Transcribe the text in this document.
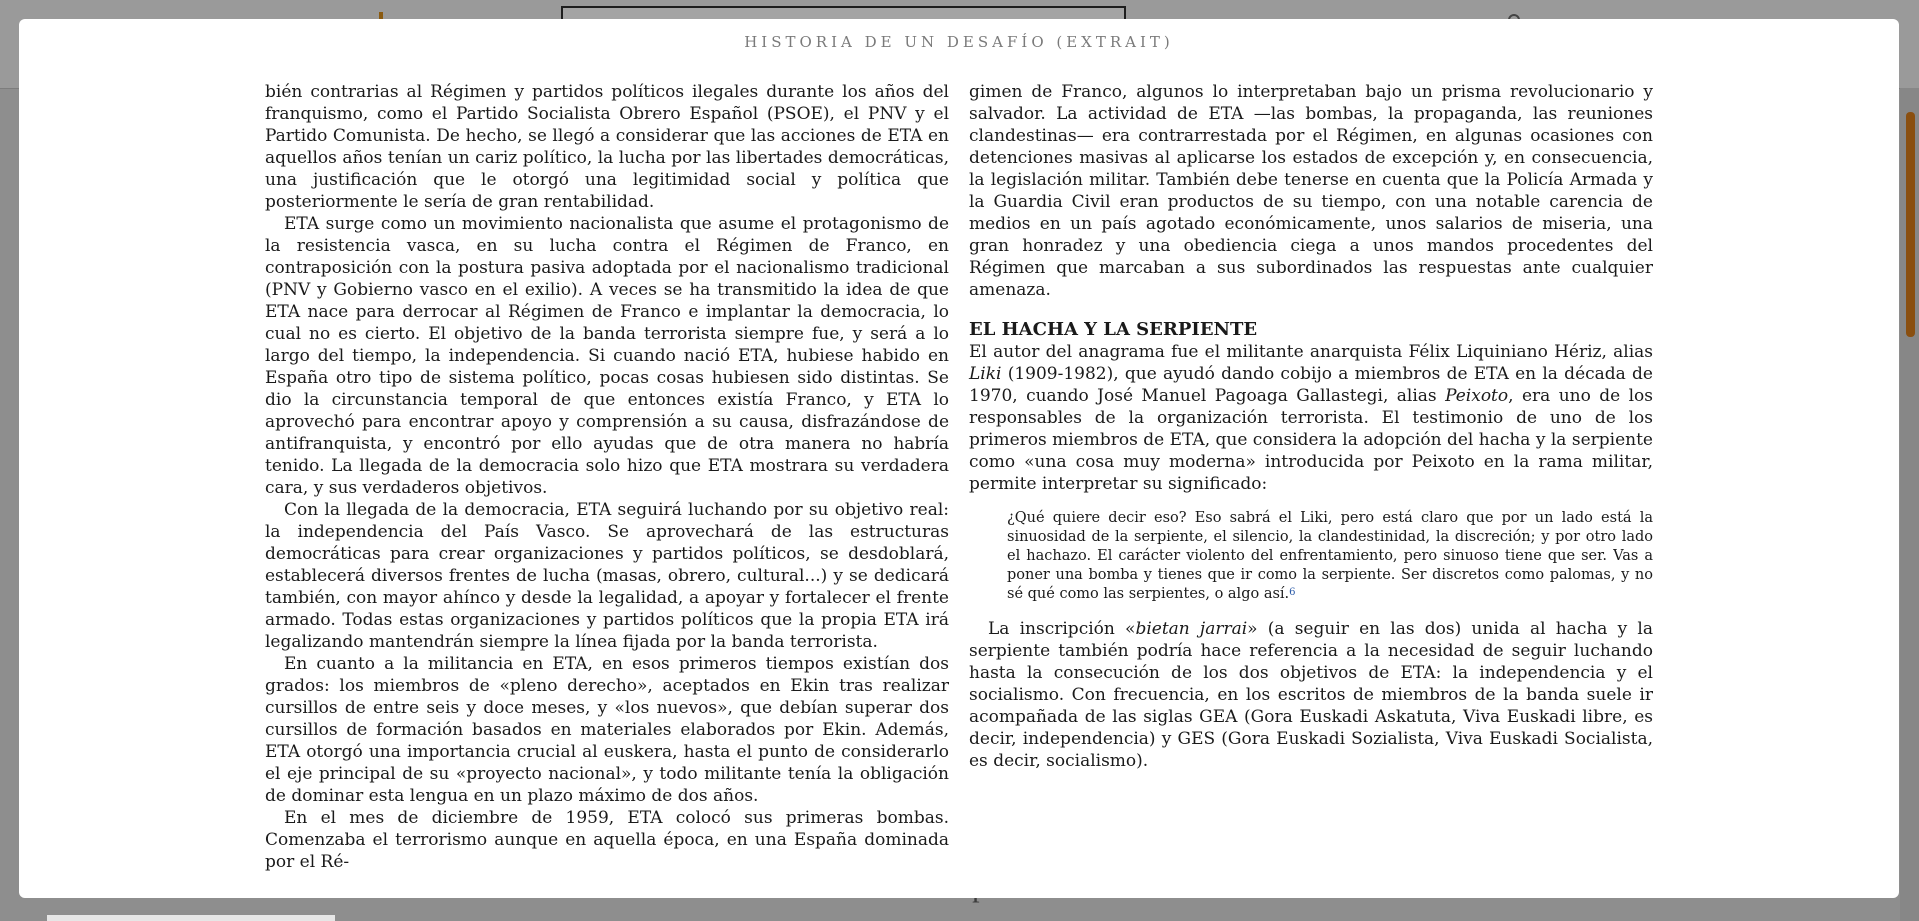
HISTORIA DE UN DESAFÍO (EXTRAIT)

bién contrarias al Régimen y partidos políticos ilegales durante los años del franquismo, como el Partido Socialista Obrero Español (PSOE), el PNV y el Partido Comunista. De hecho, se llegó a considerar que las acciones de ETA en aquellos años tenían un cariz político, la lucha por las libertades democráticas, una justificación que le otorgó una legitimidad social y política que posteriormente le sería de gran rentabilidad.

ETA surge como un movimiento nacionalista que asume el protagonismo de la resistencia vasca, en su lucha contra el Régimen de Franco, en contraposición con la postura pasiva adoptada por el nacionalismo tradicional (PNV y Gobierno vasco en el exilio). A veces se ha transmitido la idea de que ETA nace para derrocar al Régimen de Franco e implantar la democracia, lo cual no es cierto. El objetivo de la banda terrorista siempre fue, y será a lo largo del tiempo, la independencia. Si cuando nació ETA, hubiese habido en España otro tipo de sistema político, pocas cosas hubiesen sido distintas. Se dio la circunstancia temporal de que entonces existía Franco, y ETA lo aprovechó para encontrar apoyo y comprensión a su causa, disfrazándose de antifranquista, y encontró por ello ayudas que de otra manera no habría tenido. La llegada de la democracia solo hizo que ETA mostrara su verdadera cara, y sus verdaderos objetivos.

Con la llegada de la democracia, ETA seguirá luchando por su objetivo real: la independencia del País Vasco. Se aprovechará de las estructuras democráticas para crear organizaciones y partidos políticos, se desdoblará, establecerá diversos frentes de lucha (masas, obrero, cultural...) y se dedicará también, con mayor ahínco y desde la legalidad, a apoyar y fortalecer el frente armado. Todas estas organizaciones y partidos políticos que la propia ETA irá legalizando mantendrán siempre la línea fijada por la banda terrorista.

En cuanto a la militancia en ETA, en esos primeros tiempos existían dos grados: los miembros de «pleno derecho», aceptados en Ekin tras realizar cursillos de entre seis y doce meses, y «los nuevos», que debían superar dos cursillos de formación basados en materiales elaborados por Ekin. Además, ETA otorgó una importancia crucial al euskera, hasta el punto de considerarlo el eje principal de su «proyecto nacional», y todo militante tenía la obligación de dominar esta lengua en un plazo máximo de dos años.

En el mes de diciembre de 1959, ETA colocó sus primeras bombas. Comenzaba el terrorismo aunque en aquella época, en una España dominada por el Ré-

gimen de Franco, algunos lo interpretaban bajo un prisma revolucionario y salvador. La actividad de ETA —las bombas, la propaganda, las reuniones clandestinas— era contrarrestada por el Régimen, en algunas ocasiones con detenciones masivas al aplicarse los estados de excepción y, en consecuencia, la legislación militar. También debe tenerse en cuenta que la Policía Armada y la Guardia Civil eran productos de su tiempo, con una notable carencia de medios en un país agotado económicamente, unos salarios de miseria, una gran honradez y una obediencia ciega a unos mandos procedentes del Régimen que marcaban a sus subordinados las respuestas ante cualquier amenaza.

EL HACHA Y LA SERPIENTE

El autor del anagrama fue el militante anarquista Félix Liquiniano Hériz, alias Liki (1909-1982), que ayudó dando cobijo a miembros de ETA en la década de 1970, cuando José Manuel Pagoaga Gallastegi, alias Peixoto, era uno de los responsables de la organización terrorista. El testimonio de uno de los primeros miembros de ETA, que considera la adopción del hacha y la serpiente como «una cosa muy moderna» introducida por Peixoto en la rama militar, permite interpretar su significado:

¿Qué quiere decir eso? Eso sabrá el Liki, pero está claro que por un lado está la sinuosidad de la serpiente, el silencio, la clandestinidad, la discreción; y por otro lado el hachazo. El carácter violento del enfrentamiento, pero sinuoso tiene que ser. Vas a poner una bomba y tienes que ir como la serpiente. Ser discretos como palomas, y no sé qué como las serpientes, o algo así.$^6$

La inscripción «bietan jarrai» (a seguir en las dos) unida al hacha y la serpiente también podría hace referencia a la necesidad de seguir luchando hasta la consecución de los dos objetivos de ETA: la independencia y el socialismo. Con frecuencia, en los escritos de miembros de la banda suele ir acompañada de las siglas GEA (Gora Euskadi Askatuta, Viva Euskadi libre, es decir, independencia) y GES (Gora Euskadi Sozialista, Viva Euskadi Socialista, es decir, socialismo).
